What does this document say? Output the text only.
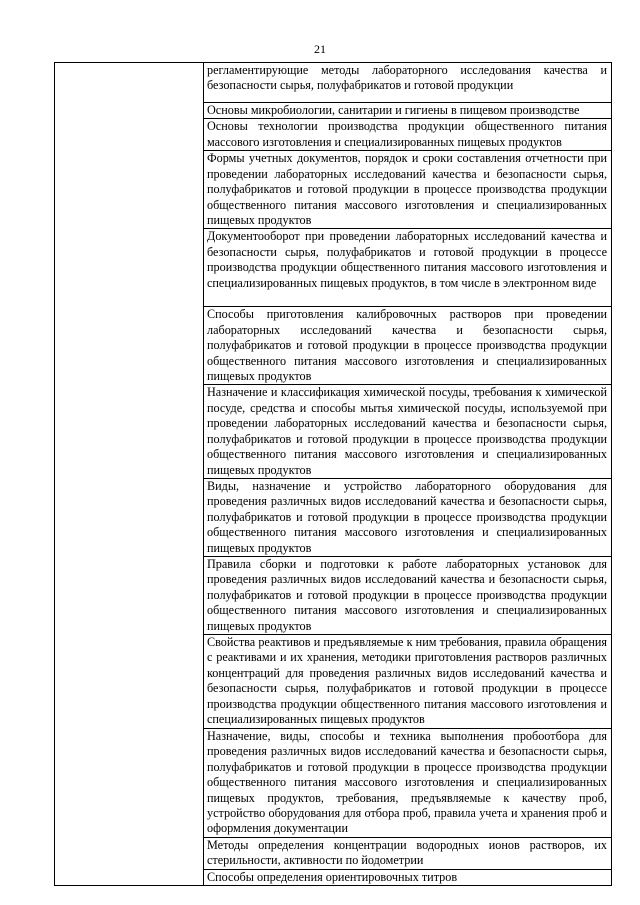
21
	регламентирующие методы лабораторного исследования качества и безопасности сырья, полуфабрикатов и готовой продукции
Основы микробиологии, санитарии и гигиены в пищевом производстве
Основы технологии производства продукции общественного питания массового изготовления и специализированных пищевых продуктов
Формы учетных документов, порядок и сроки составления отчетности при проведении лабораторных исследований качества и безопасности сырья, полуфабрикатов и готовой продукции в процессе производства продукции общественного питания массового изготовления и специализированных пищевых продуктов
Документооборот при проведении лабораторных исследований качества и безопасности сырья, полуфабрикатов и готовой продукции в процессе производства продукции общественного питания массового изготовления и специализированных пищевых продуктов, в том числе в электронном виде
Способы приготовления калибровочных растворов при проведении лабораторных исследований качества и безопасности сырья, полуфабрикатов и готовой продукции в процессе производства продукции общественного питания массового изготовления и специализированных пищевых продуктов
Назначение и классификация химической посуды, требования к химической посуде, средства и способы мытья химической посуды, используемой при проведении лабораторных исследований качества и безопасности сырья, полуфабрикатов и готовой продукции в процессе производства продукции общественного питания массового изготовления и специализированных пищевых продуктов
Виды, назначение и устройство лабораторного оборудования для проведения различных видов исследований качества и безопасности сырья, полуфабрикатов и готовой продукции в процессе производства продукции общественного питания массового изготовления и специализированных пищевых продуктов
Правила сборки и подготовки к работе лабораторных установок для проведения различных видов исследований качества и безопасности сырья, полуфабрикатов и готовой продукции в процессе производства продукции общественного питания массового изготовления и специализированных пищевых продуктов
Свойства реактивов и предъявляемые к ним требования, правила обращения с реактивами и их хранения, методики приготовления растворов различных концентраций для проведения различных видов исследований качества и безопасности сырья, полуфабрикатов и готовой продукции в процессе производства продукции общественного питания массового изготовления и специализированных пищевых продуктов
Назначение, виды, способы и техника выполнения пробоотбора для проведения различных видов исследований качества и безопасности сырья, полуфабрикатов и готовой продукции в процессе производства продукции общественного питания массового изготовления и специализированных пищевых продуктов, требования, предъявляемые к качеству проб, устройство оборудования для отбора проб, правила учета и хранения проб и оформления документации
Методы определения концентрации водородных ионов растворов, их стерильности, активности по йодометрии
Способы определения ориентировочных титров
